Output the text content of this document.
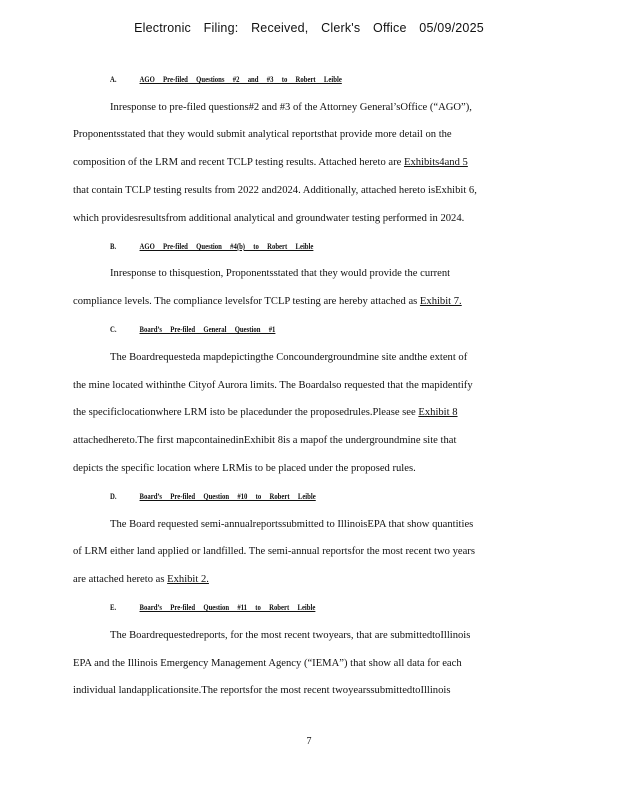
Electronic Filing: Received, Clerk's Office 05/09/2025
A.	AGO Pre-filed Questions #2 and #3 to Robert Leible
Inresponse to pre-filed questions#2 and #3 of the Attorney General’sOffice (“AGO”),
Proponentsstated that they would submit analytical reportsthat provide more detail on the
composition of the LRM and recent TCLP testing results. Attached hereto are Exhibits4and 5
that contain TCLP testing results from 2022 and2024. Additionally, attached hereto isExhibit 6,
which providesresultsfrom additional analytical and groundwater testing performed in 2024.
B.	AGO Pre-filed Question #4(b) to Robert Leible
Inresponse to thisquestion, Proponentsstated that they would provide the current
compliance levels. The compliance levelsfor TCLP testing are hereby attached as Exhibit 7.
C.	Board’s Pre-filed General Question #1
The Boardrequesteda mapdepictingthe Concoundergroundmine site andthe extent of
the mine located withinthe Cityof Aurora limits. The Boardalso requested that the mapidentify
the specificlocationwhere LRM isto be placedunder the proposedrules.Please see Exhibit 8
attachedhereto.The first mapcontainedinExhibit 8is a mapof the undergroundmine site that
depicts the specific location where LRMis to be placed under the proposed rules.
D.	Board’s Pre-filed Question #10 to Robert Leible
The Board requested semi-annualreportssubmitted to IllinoisEPA that show quantities
of LRM either land applied or landfilled. The semi-annual reportsfor the most recent two years
are attached hereto as Exhibit 2.
E.	Board’s Pre-filed Question #11 to Robert Leible
The Boardrequestedreports, for the most recent twoyears, that are submittedtoIllinois
EPA and the Illinois Emergency Management Agency (“IEMA”) that show all data for each
individual landapplicationsite.The reportsfor the most recent twoyearssubmittedtoIllinois
7
